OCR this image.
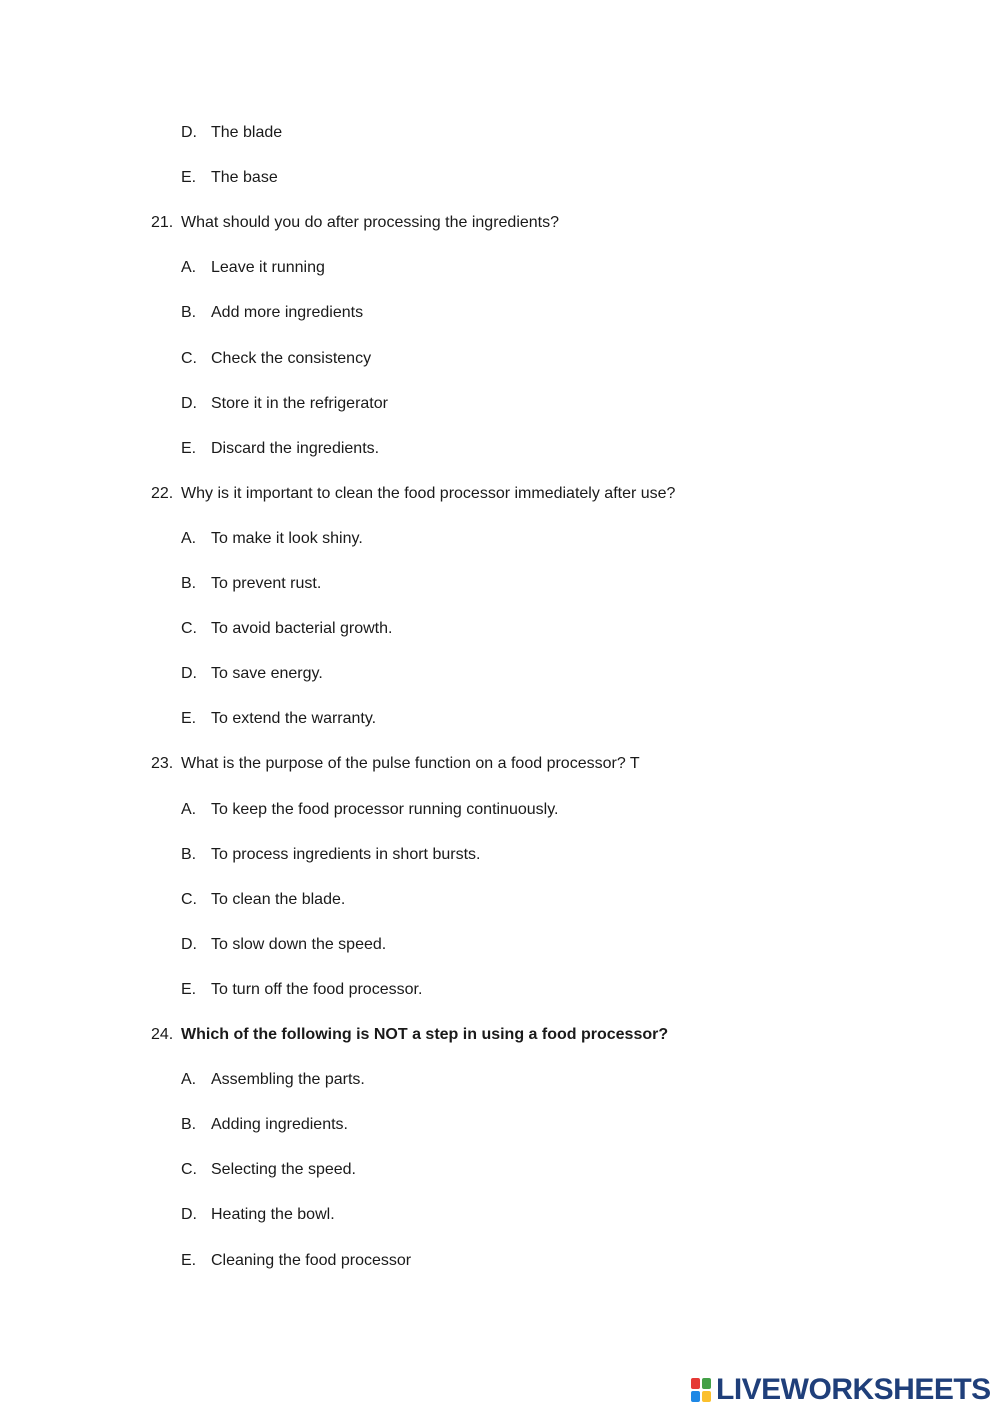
D. The blade
E. The base
21. What should you do after processing the ingredients?
A. Leave it running
B. Add more ingredients
C. Check the consistency
D. Store it in the refrigerator
E. Discard the ingredients.
22. Why is it important to clean the food processor immediately after use?
A. To make it look shiny.
B. To prevent rust.
C. To avoid bacterial growth.
D. To save energy.
E. To extend the warranty.
23. What is the purpose of the pulse function on a food processor? T
A. To keep the food processor running continuously.
B. To process ingredients in short bursts.
C. To clean the blade.
D. To slow down the speed.
E. To turn off the food processor.
24. Which of the following is NOT a step in using a food processor?
A. Assembling the parts.
B. Adding ingredients.
C. Selecting the speed.
D. Heating the bowl.
E. Cleaning the food processor
LIVEWORKSHEETS
